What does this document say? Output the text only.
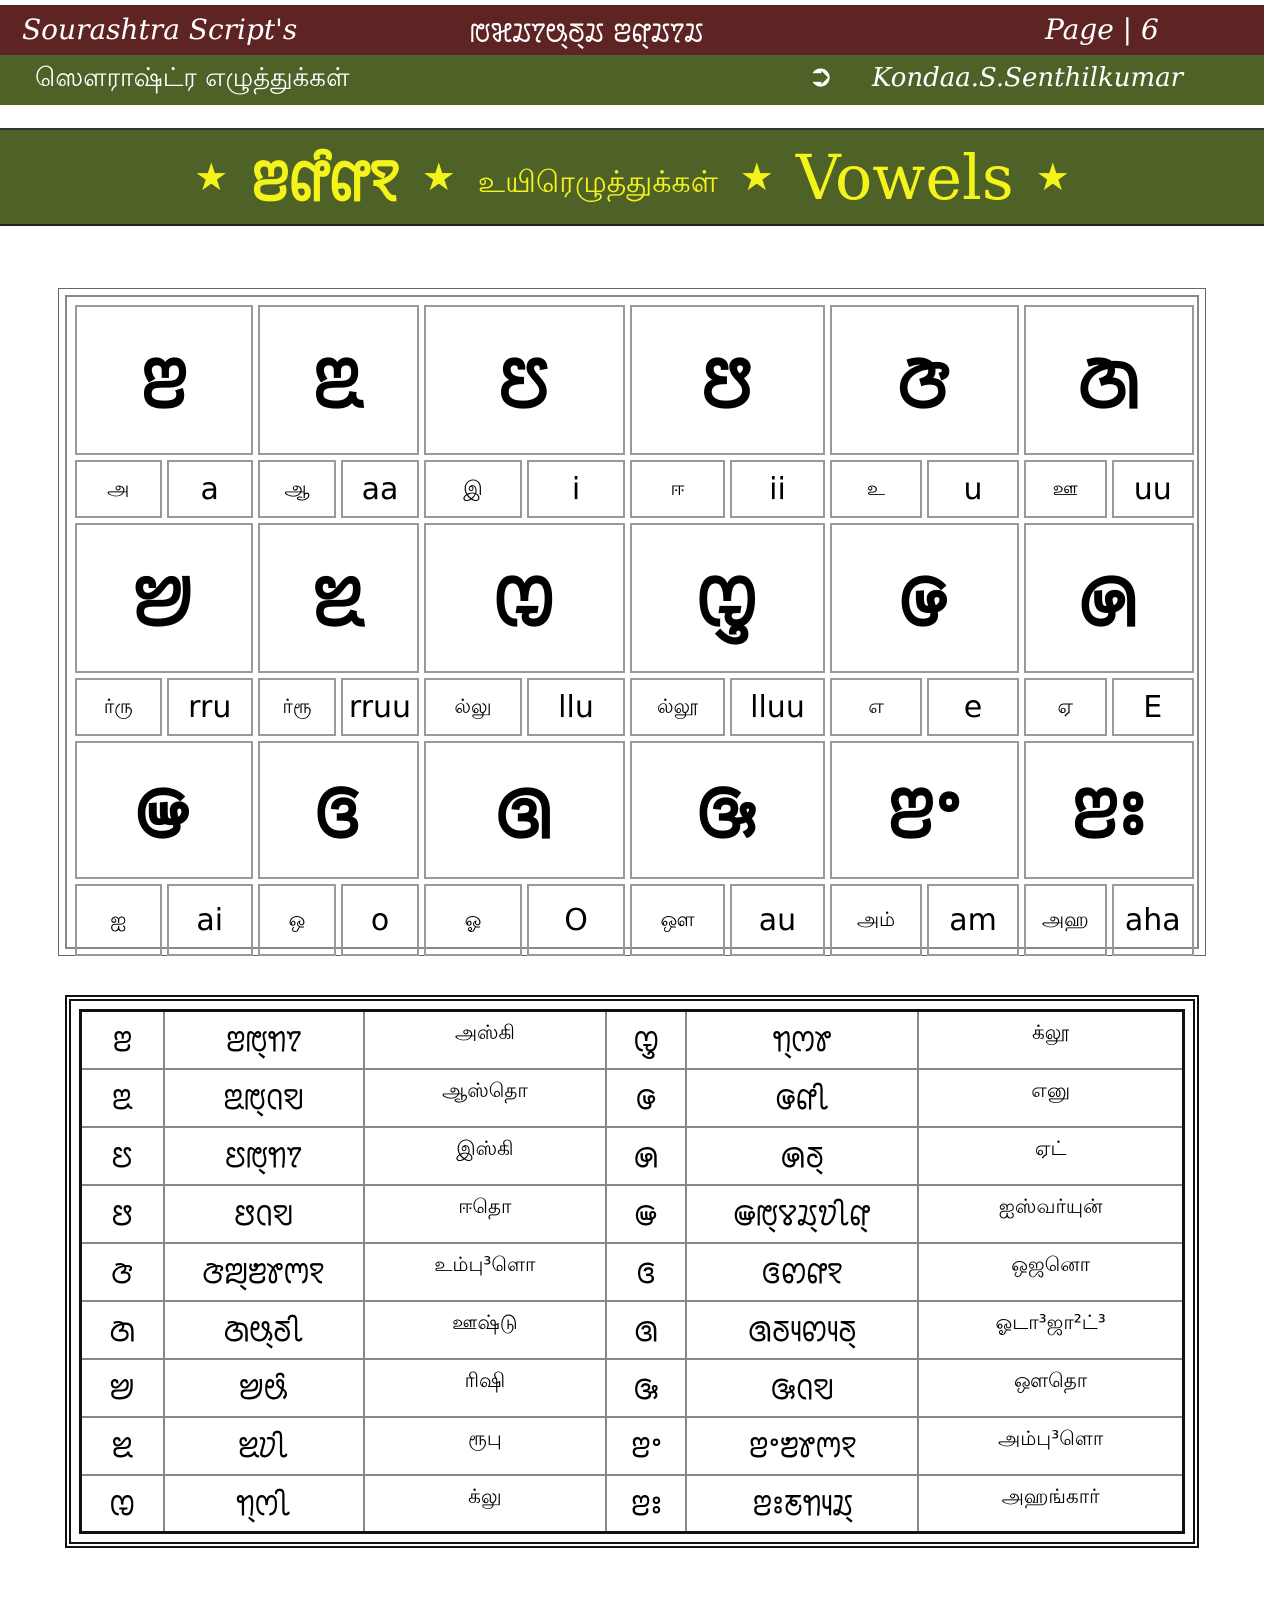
Sourashtra Script's	ꢱꣃꢬꢵꢰ꣄ꢜ꣄ꢬ ꢂꢥ꣄ꢬꢵꢬ	Page | 6
ஸௌராஷ்ட்ர எழுத்துக்கள்	➲ Kondaa.S.Senthilkumar
★ ꢂꢥꢶꢥꣁ ★ உயிரெழுத்துக்கள் ★ Vowels ★
ꢂ	ꢃ	ꢄ	ꢅ	ꢆ	ꢇ
அ	a	ஆ	aa	இ	i	ஈ	ii	உ	u	ஊ	uu
ꢈ	ꢉ	ꢊ	ꢋ	ꢌ	ꢍ
ர்ரு	rru	ர்ரூ	rruu	ல்லு	llu	ல்லூ	lluu	எ	e	ஏ	E
ꢎ	ꢏ	ꢐ	ꢑ	ꢂꢀ	ꢂꢁ
ஐ	ai	ஒ	o	ஓ	O	ஔ	au	அம்	am	அஹ	aha
ꢂ	ꢂꢱ꣄ꢒꢵ	அஸ்கி	ꢋ	ꢒ꣄ꢭꢸ	க்லூ
ꢃ	ꢃꢱ꣄ꢡꣂ	ஆஸ்தொ	ꢌ	ꢌꢥꢷ	எனு
ꢄ	ꢄꢱ꣄ꢒꢵ	இஸ்கி	ꢍ	ꢍꢜ꣄	ஏட்
ꢅ	ꢅꢡꣂ	ஈதொ	ꢎ	ꢎꢱ꣄ꢮꢬ꣄ꢫꢷꢥ꣄	ஐஸ்வர்யுன்
ꢆ	ꢆꢪ꣄ꢨꢸꢳꣁ	உம்பு³ளொ	ꢏ	ꢏꢙꢥꣁ	ஒஜனொ
ꢇ	ꢇꢰ꣄ꢜꢷ	ஊஷ்டு	ꢐ	ꢐꢜꢴꢙꢴꢜ꣄	ஓடா³ஜா²ட்³
ꢈ	ꢈꢰꢶ	ரிஷி	ꢑ	ꢑꢡꣂ	ஔதொ
ꢉ	ꢉꢦꢷ	ரூபு	ꢂꢀ	ꢂꢀꢨꢸꢳꣁ	அம்பு³ளொ
ꢊ	ꢒ꣄ꢭꢷ	க்லு	ꢂꢁ	ꢂꢁꢲꢒꢴꢬ꣄	அஹங்கார்
